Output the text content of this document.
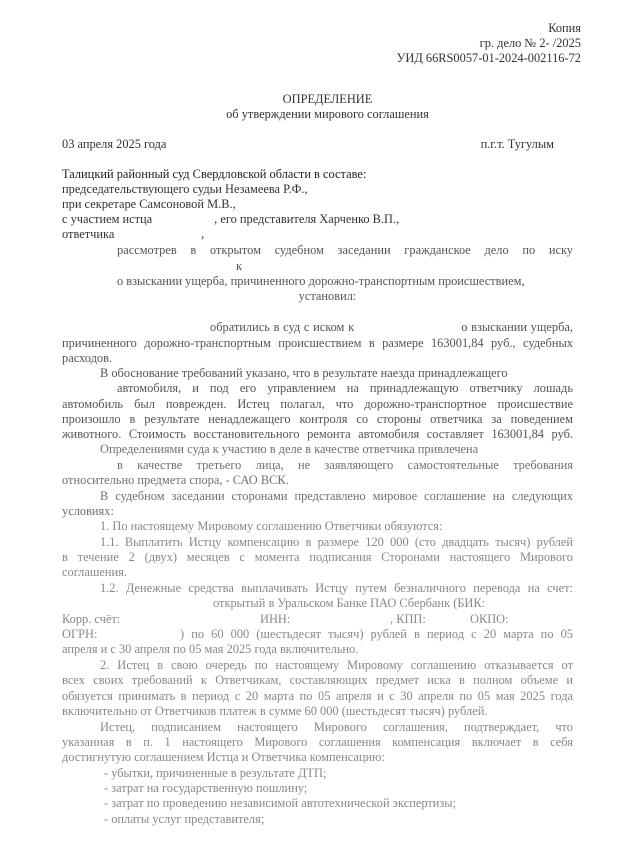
Копия
гр. дело № 2- /2025
УИД 66RS0057-01-2024-002116-72
ОПРЕДЕЛЕНИЕ
об утверждении мирового соглашения
03 апреля 2025 года	п.г.т. Тугулым
Талицкий районный суд Свердловской области в составе:
председательствующего судьи Незамеева Р.Ф.,
при секретаре Самсоновой М.В.,
с участием истца                    , его представителя Харченко В.П.,
ответчика                            ,
рассмотрев в открытом судебном заседании гражданское дело по иску
к
о взыскании ущерба, причиненного дорожно-транспортным происшествием,
установил:
обратились в суд с иском к                             о взыскании ущерба,
причиненного дорожно-транспортным происшествием в размере 163001,84 руб., судебных
расходов.
В обоснование требований указано, что в результате наезда принадлежащего
автомобиля, и под его управлением на принадлежащую ответчику лошадь
автомобиль был поврежден. Истец полагал, что дорожно-транспортное происшествие
произошло в результате ненадлежащего контроля со стороны ответчика за поведением
животного. Стоимость восстановительного ремонта автомобиля составляет 163001,84 руб.
Определениями суда к участию в деле в качестве ответчика привлечена
в качестве третьего лица, не заявляющего самостоятельные требования
относительно предмета спора, - САО ВСК.
В судебном заседании сторонами представлено мировое соглашение на следующих
условиях:
1. По настоящему Мировому соглашению Ответчики обязуются:
1.1. Выплатить Истцу компенсацию в размере 120 000 (сто двадцать тысяч) рублей
в течение 2 (двух) месяцев с момента подписания Сторонами настоящего Мирового
соглашения.
1.2. Денежные средства выплачивать Истцу путем безналичного перевода на счет:
открытый в Уральском Банке ПАО Сбербанк (БИК:
Корр. счёт:	ИНН:	, КПП:	ОКПО:
ОГРН:	) по 60 000 (шестьдесят тысяч) рублей в период с 20 марта по 05
апреля и с 30 апреля по 05 мая 2025 года включительно.
2. Истец в свою очередь по настоящему Мировому соглашению отказывается от
всех своих требований к Ответчикам, составляющих предмет иска в полном объеме и
обязуется принимать в период с 20 марта по 05 апреля и с 30 апреля по 05 мая 2025 года
включительно от Ответчиков платеж в сумме 60 000 (шестьдесят тысяч) рублей.
Истец, подписанием настоящего Мирового соглашения, подтверждает, что
указанная в п. 1 настоящего Мирового соглашения компенсация включает в себя
достигнутую соглашением Истца и Ответчика компенсацию:
- убытки, причиненные в результате ДТП;
- затрат на государственную пошлину;
- затрат по проведению независимой автотехнической экспертизы;
- оплаты услуг представителя;
